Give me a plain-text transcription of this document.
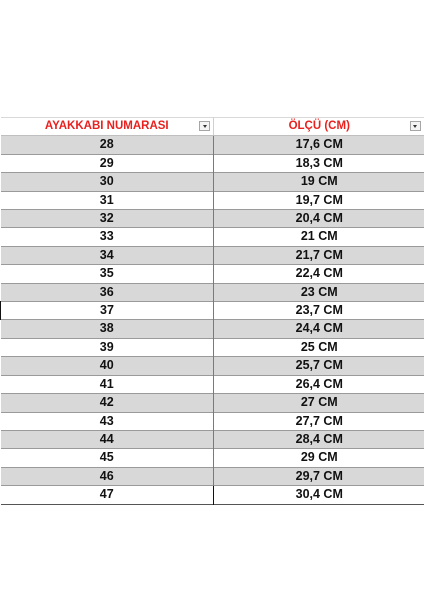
AYAKKABI NUMARASI	ÖLÇÜ (CM)

28	17,6 CM
29	18,3 CM
30	19 CM
31	19,7 CM
32	20,4 CM
33	21 CM
34	21,7 CM
35	22,4 CM
36	23 CM
37	23,7 CM
38	24,4 CM
39	25 CM
40	25,7 CM
41	26,4 CM
42	27 CM
43	27,7 CM
44	28,4 CM
45	29 CM
46	29,7 CM
47	30,4 CM
